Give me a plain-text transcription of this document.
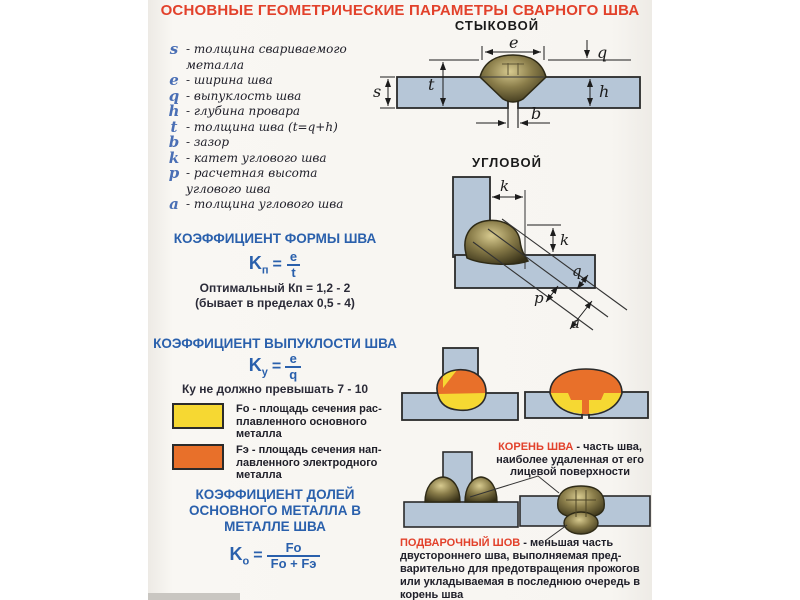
ОСНОВНЫЕ ГЕОМЕТРИЧЕСКИЕ ПАРАМЕТРЫ СВАРНОГО ШВА
s - толщина свариваемого металла
e - ширина шва
q - выпуклость шва
h - глубина провара
t - толщина шва (t=q+h)
b - зазор
k - катет углового шва
p - расчетная высота углового шва
a - толщина углового шва
КОЭФФИЦИЕНТ ФОРМЫ ШВА
$K_п = \frac{e}{t}$
Оптимальный Кп = 1,2 - 2
(бывает в пределах 0,5 - 4)
КОЭФФИЦИЕНТ ВЫПУКЛОСТИ ШВА
$K_у = \frac{e}{q}$
Ку не должно превышать 7 - 10
Fo - площадь сечения расплавленного основного металла
Fэ - площадь сечения наплавленного электродного металла
КОЭФФИЦИЕНТ ДОЛЕЙ ОСНОВНОГО МЕТАЛЛА В МЕТАЛЛЕ ШВА
$K_о = \frac{Fо}{Fо + Fэ}$
СТЫКОВОЙ
УГЛОВОЙ
e
q
s	t	h
b
k
k
q
p
a
КОРЕНЬ ШВА - часть шва, наиболее удаленная от его лицевой поверхности
ПОДВАРОЧНЫЙ ШОВ - меньшая часть двустороннего шва, выполняемая предварительно для предотвращения прожогов или укладываемая в последнюю очередь в корень шва
